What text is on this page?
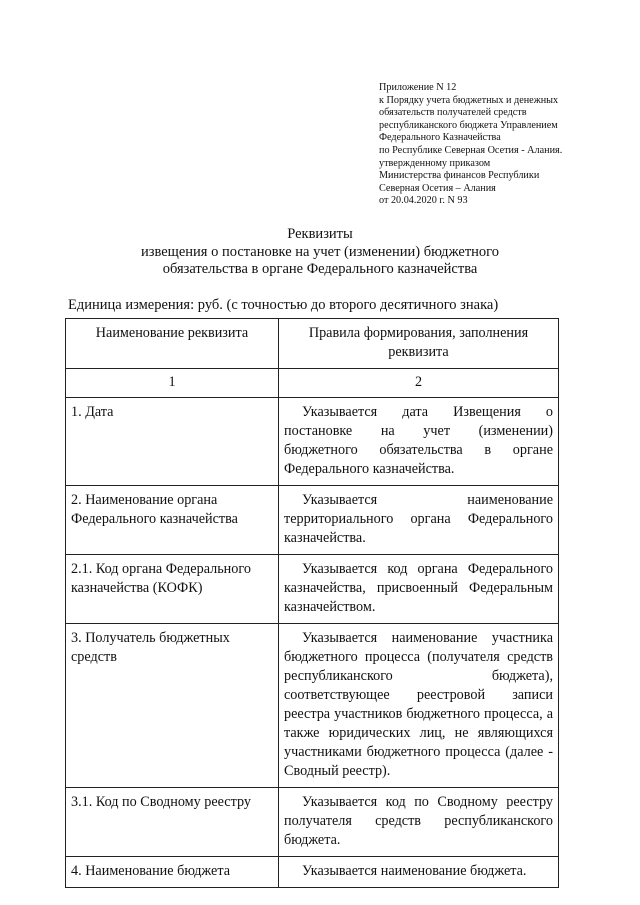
Приложение N 12
к Порядку учета бюджетных и денежных
обязательств получателей средств
республиканского бюджета Управлением
Федерального Казначейства
по Республике Северная Осетия - Алания.
утвержденному приказом
Министерства финансов Республики
Северная Осетия – Алания
от 20.04.2020 г. N 93
Реквизиты
извещения о постановке на учет (изменении) бюджетного
обязательства в органе Федерального казначейства
Единица измерения: руб. (с точностью до второго десятичного знака)
Наименование реквизита	Правила формирования, заполнения реквизита
1	2
1. Дата	Указывается дата Извещения о постановке на учет (изменении) бюджетного обязательства в органе Федерального казначейства.
2. Наименование органа Федерального казначейства	Указывается наименование территориального органа Федерального казначейства.
2.1. Код органа Федерального казначейства (КОФК)	Указывается код органа Федерального казначейства, присвоенный Федеральным казначейством.
3. Получатель бюджетных средств	Указывается наименование участника бюджетного процесса (получателя средств республиканского бюджета), соответствующее реестровой записи реестра участников бюджетного процесса, а также юридических лиц, не являющихся участниками бюджетного процесса (далее - Сводный реестр).
3.1. Код по Сводному реестру	Указывается код по Сводному реестру получателя средств республиканского бюджета.
4. Наименование бюджета	Указывается наименование бюджета.
